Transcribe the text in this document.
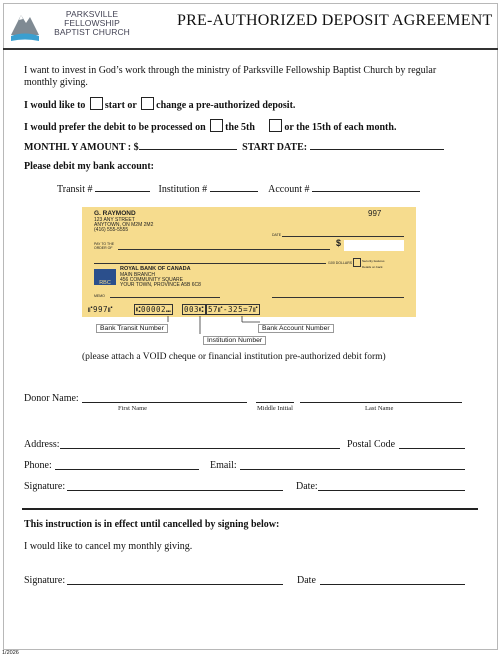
PARKSVILLE FELLOWSHIP
BAPTIST CHURCH
PRE-AUTHORIZED DEPOSIT AGREEMENT
I want to invest in God’s work through the ministry of Parksville Fellowship Baptist Church by regular
monthly giving.
I would like to start or change a pre-authorized deposit.
I would prefer the debit to be processed on the 5th	or the 15th of each month.
MONTHL Y AMOUNT : $	START DATE:
Please debit my bank account:
Transit #	Institution #	Account #
G. RAYMOND
123 ANY STREET
ANYTOWN, ON M2M 2M2
(416) 555-5555
997
DATE
PAY TO THE
ORDER OF	$
/100 DOLLARS	Security features Details on back
RBC
ROYAL BANK OF CANADA
MAIN BRANCH
456 COMMUNITY SQUARE
YOUR TOWN, PROVINCE A5B 6C8
MEMO
⑈997⑈	⑆00002⑉ 003⑆ 57⑈-325=7⑈
Bank Transit Number
Institution Number
Bank Account Number
(please attach a VOID cheque or financial institution pre-authorized debit form)
Donor Name:
First Name	Middle Initial	Last Name
Address:	Postal Code
Phone:	Email:
Signature:	Date:
This instruction is in effect until cancelled by signing below:
I would like to cancel my monthly giving.
Signature:	Date
1/2026
